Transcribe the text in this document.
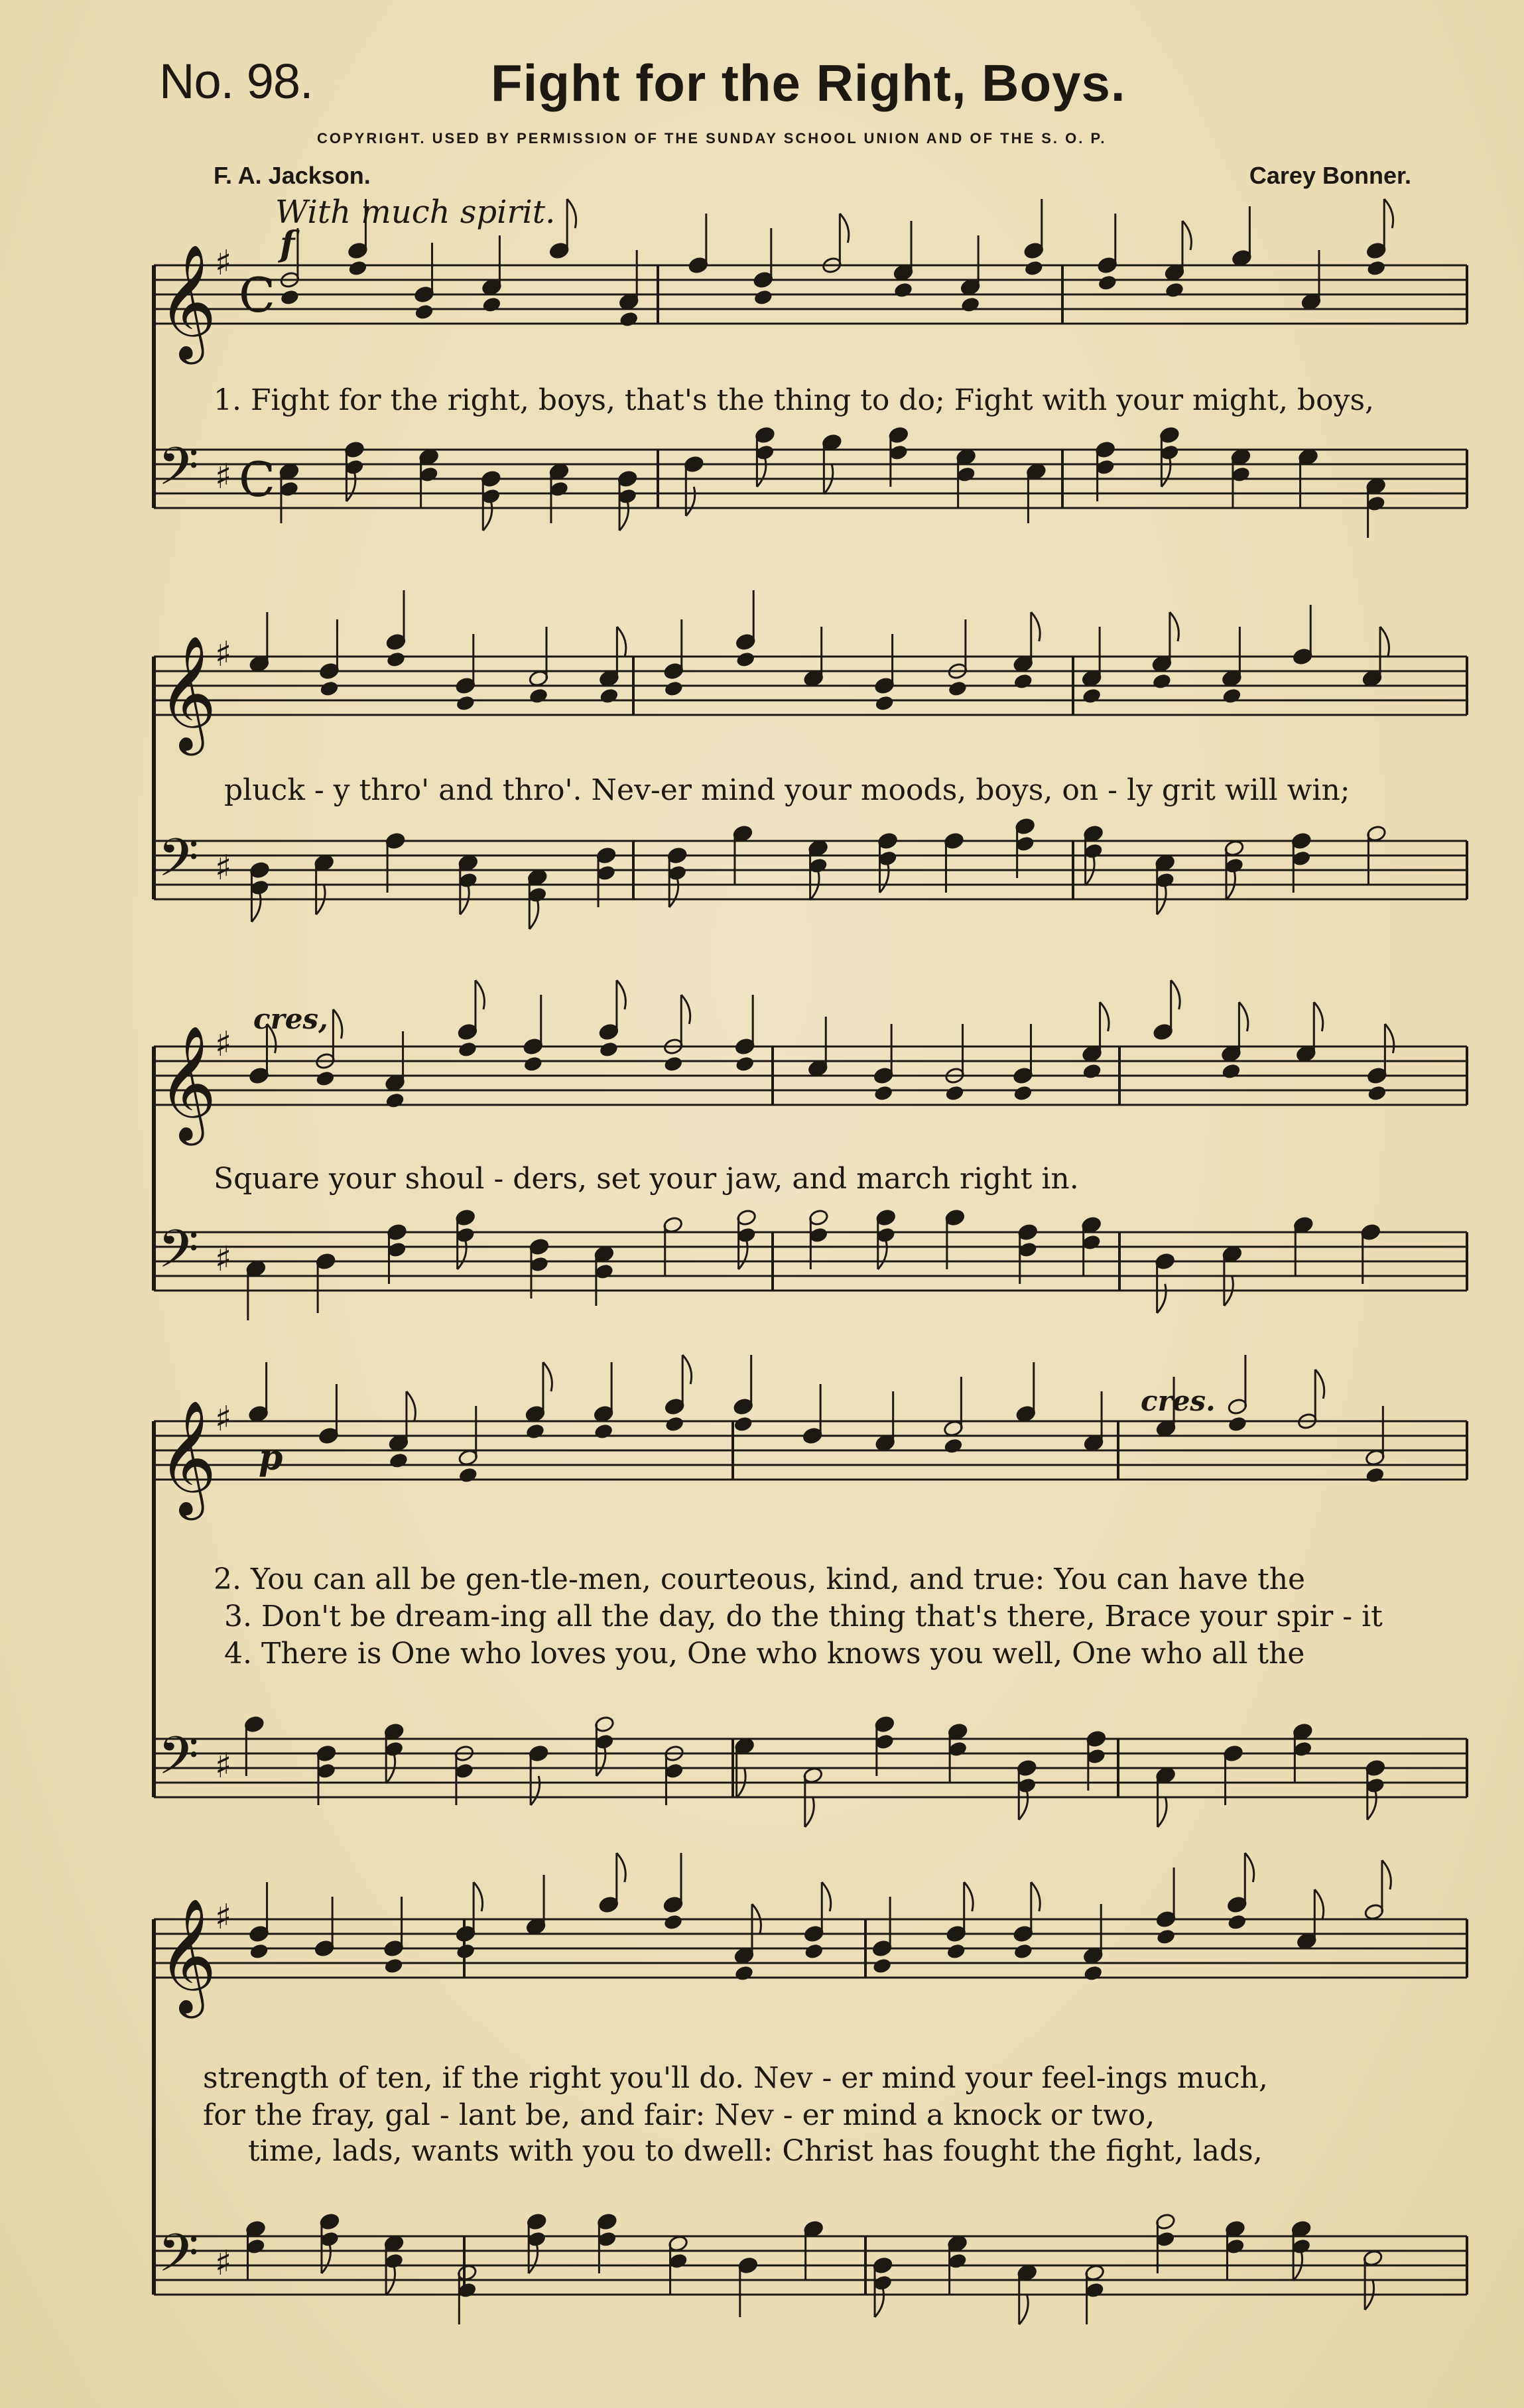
No. 98.	Fight for the Right, Boys.
COPYRIGHT. USED BY PERMISSION OF THE SUNDAY SCHOOL UNION AND OF THE S. O. P.
F. A. Jackson.	Carey Bonner.
With much spirit.
𝄞
♯
C
𝄢 ♯ C
𝄞
♯
𝄢 ♯
𝄞
♯
𝄢 ♯
𝄞
♯
𝄢 ♯
𝄞
♯
𝄢 ♯
f
cres,
p
cres.
1. Fight for the right, boys, that's the thing to do; Fight with your might, boys,
pluck - y thro' and thro'. Nev-er mind your moods, boys, on - ly grit will win;
Square your shoul - ders, set your jaw, and march right in.
2. You can all be gen-tle-men, courteous, kind, and true: You can have the
3. Don't be dream-ing all the day, do the thing that's there, Brace your spir - it
4. There is One who loves you, One who knows you well, One who all the
strength of ten, if the right you'll do. Nev - er mind your feel-ings much,
for the fray, gal - lant be, and fair: Nev - er mind a knock or two,
time, lads, wants with you to dwell: Christ has fought the fight, lads,
